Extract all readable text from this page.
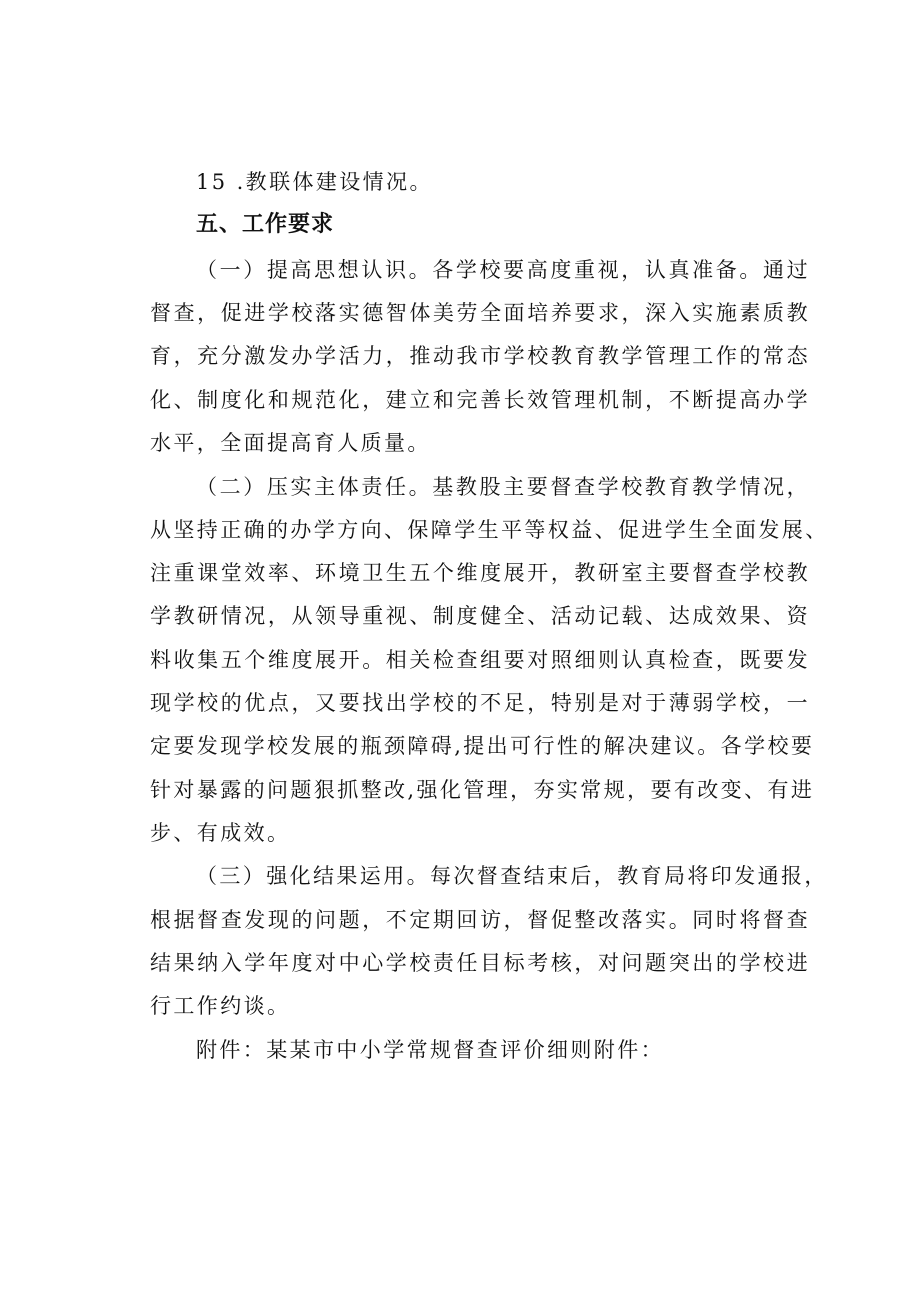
15 .教联体建设情况。
五、工作要求
（一）提高思想认识。各学校要高度重视，认真准备。通过
督查，促进学校落实德智体美劳全面培养要求，深入实施素质教
育，充分激发办学活力，推动我市学校教育教学管理工作的常态
化、制度化和规范化，建立和完善长效管理机制，不断提高办学
水平，全面提高育人质量。
（二）压实主体责任。基教股主要督查学校教育教学情况，
从坚持正确的办学方向、保障学生平等权益、促进学生全面发展、
注重课堂效率、环境卫生五个维度展开，教研室主要督查学校教
学教研情况，从领导重视、制度健全、活动记载、达成效果、资
料收集五个维度展开。相关检查组要对照细则认真检查，既要发
现学校的优点，又要找出学校的不足，特别是对于薄弱学校，一
定要发现学校发展的瓶颈障碍,提出可行性的解决建议。各学校要
针对暴露的问题狠抓整改,强化管理，夯实常规，要有改变、有进
步、有成效。
（三）强化结果运用。每次督查结束后，教育局将印发通报，
根据督查发现的问题，不定期回访，督促整改落实。同时将督查
结果纳入学年度对中心学校责任目标考核，对问题突出的学校进
行工作约谈。
附件：某某市中小学常规督查评价细则附件：
